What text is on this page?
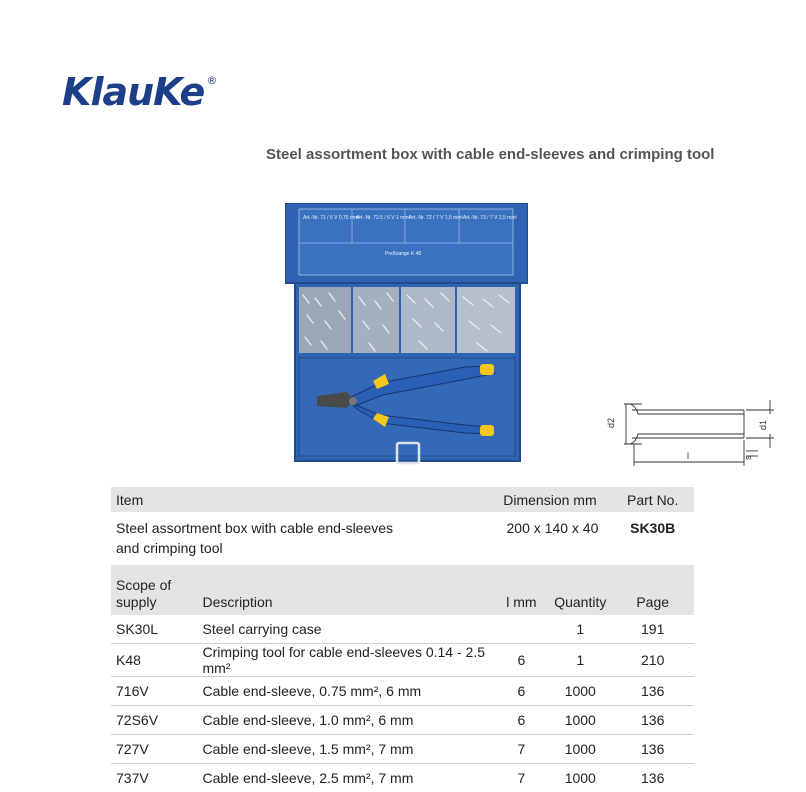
KlauKe ®
Steel assortment box with cable end-sleeves and crimping tool
Art.-Nr. 71 / 6 V 0,75 mm²
Art.-Nr. 72.5 / 6 V 1 mm²
Art.-Nr. 72 / 7 V 1,5 mm² Art.-Nr. 73 / 7 V 2,5 mm²
Preßzange K 48
d2	d1
l	s
Item		Dimension mm		Part No.

Steel assortment box with cable end-sleeves
and crimping tool		200 x 140 x 40		SK30B

Scope of
supply	Description	l mm	Quantity	Page
SK30L	Steel carrying case		1	191
K48	Crimping tool for cable end-sleeves 0.14 - 2.5 mm²	6	1	210
716V	Cable end-sleeve, 0.75 mm², 6 mm	6	1000	136
72S6V	Cable end-sleeve, 1.0 mm², 6 mm	6	1000	136
727V	Cable end-sleeve, 1.5 mm², 7 mm	7	1000	136
737V	Cable end-sleeve, 2.5 mm², 7 mm	7	1000	136
